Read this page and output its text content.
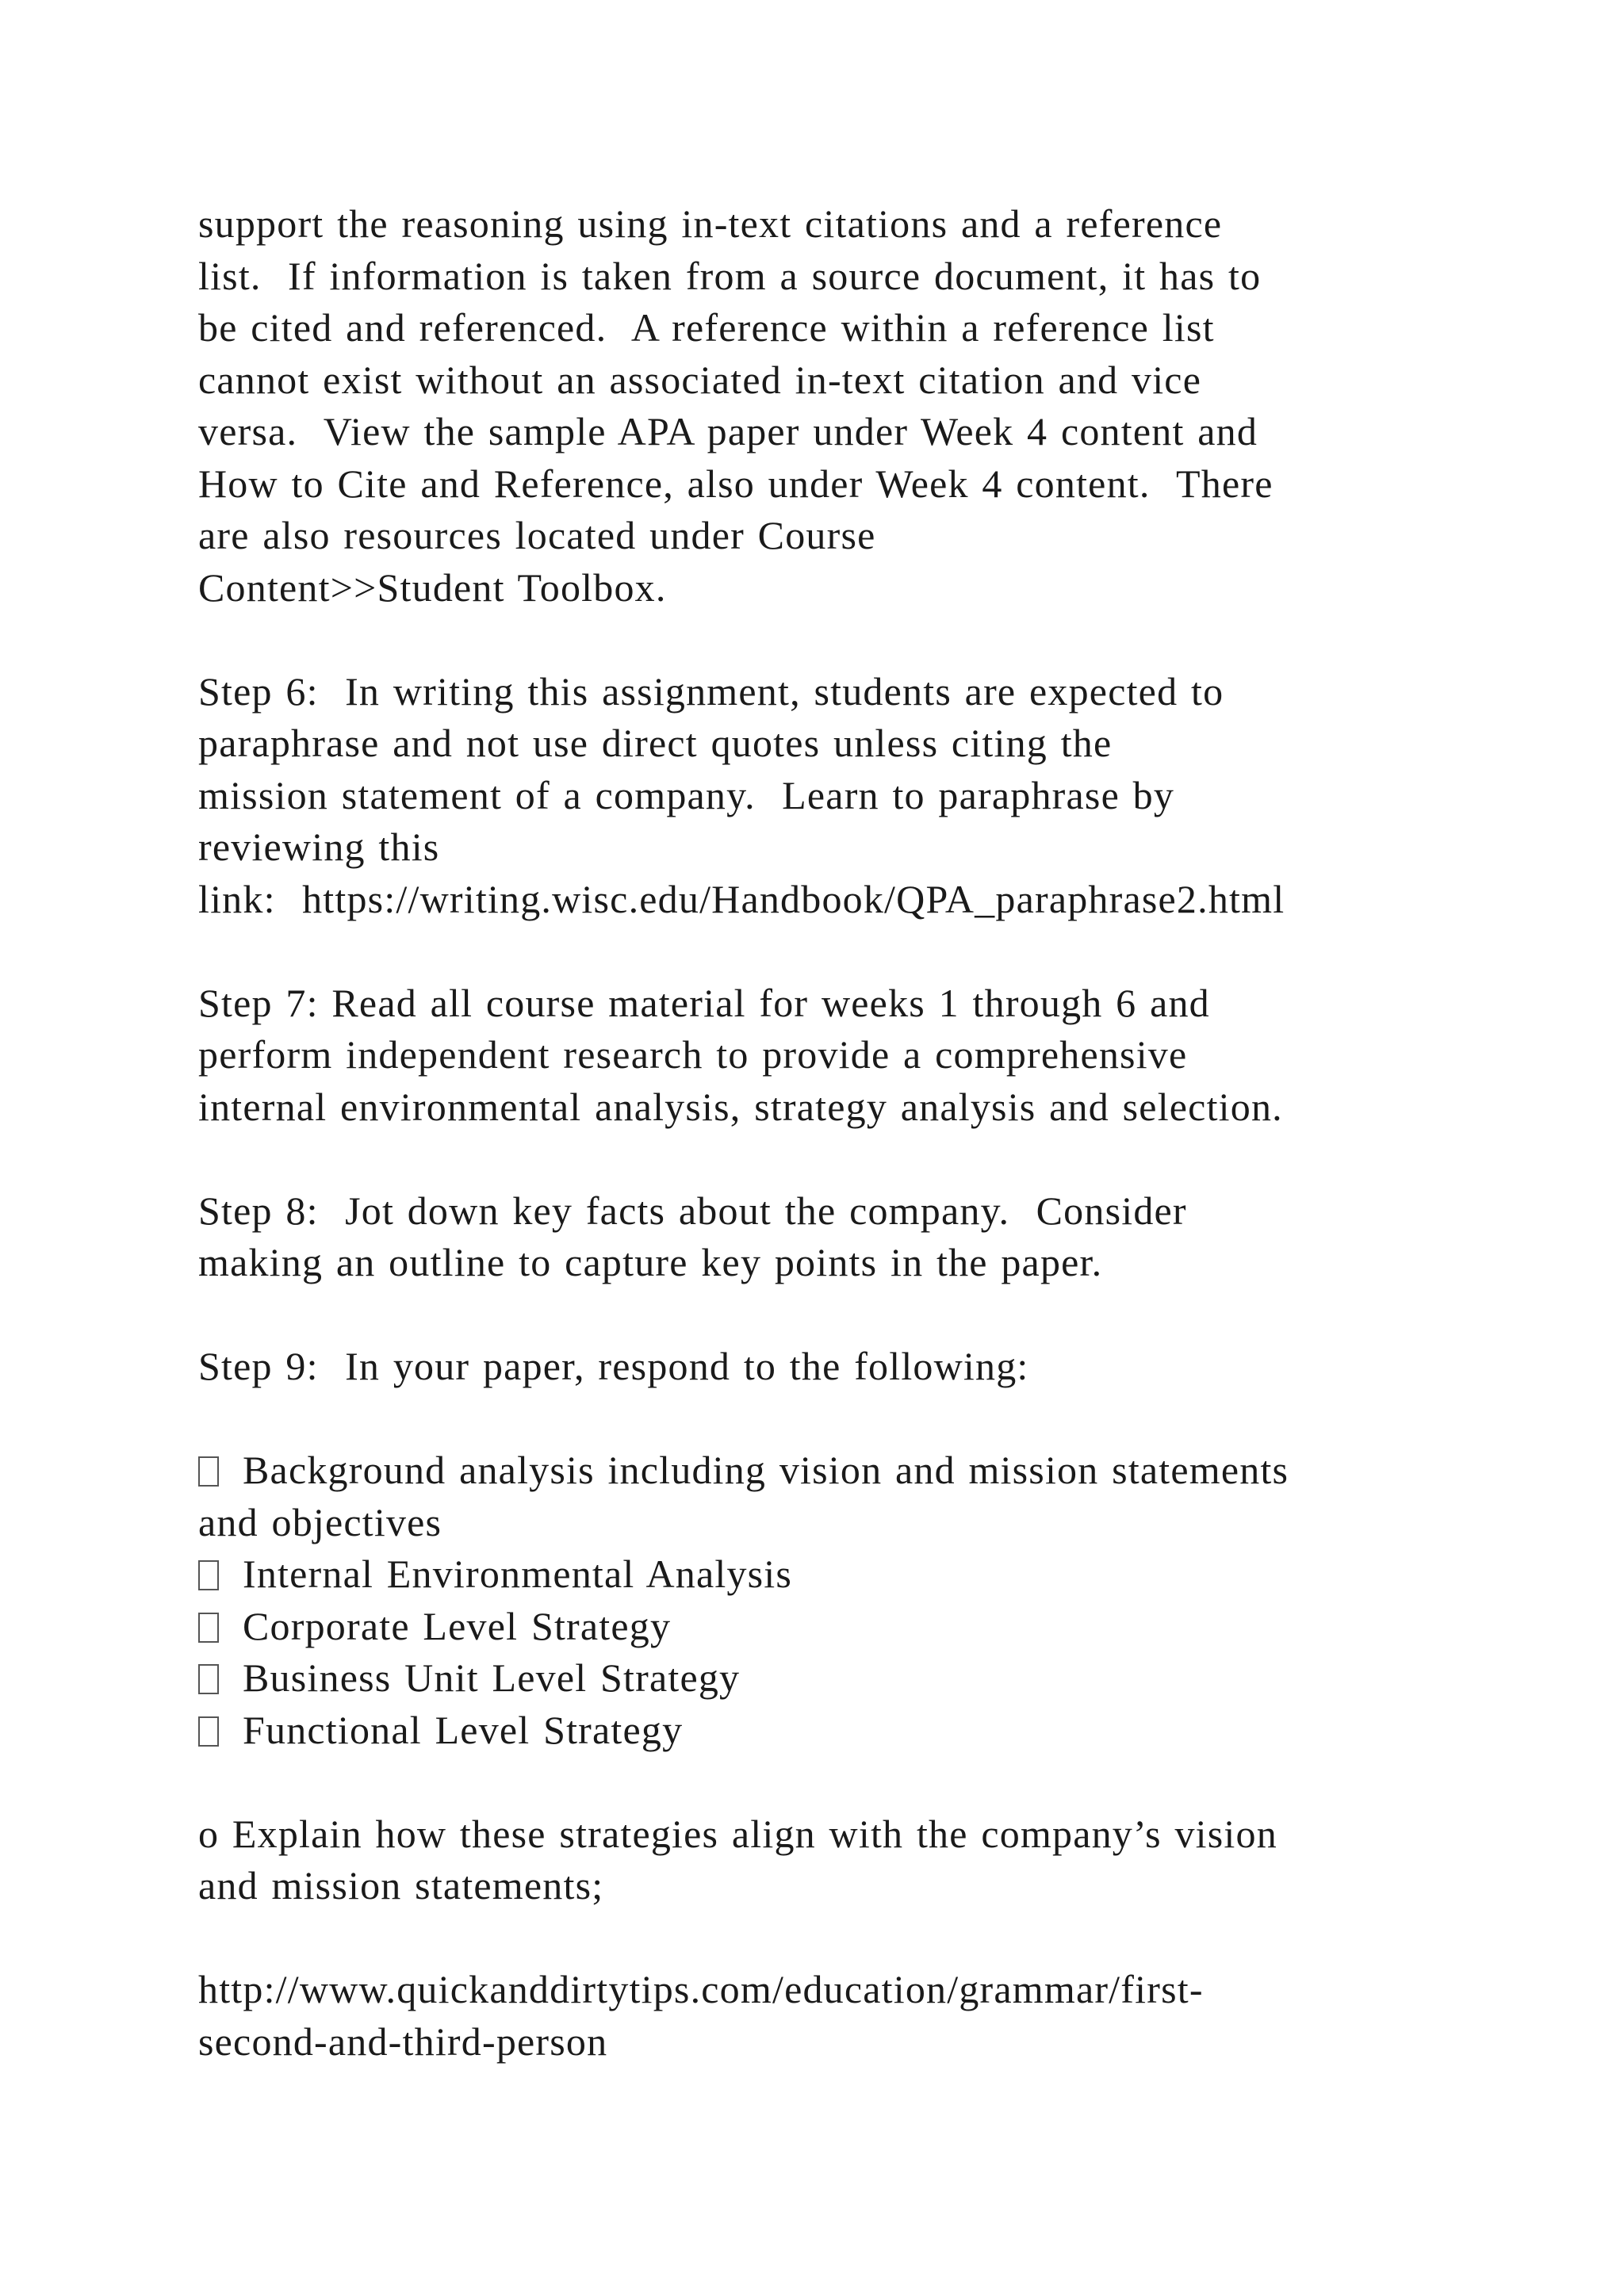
support the reasoning using in-text citations and a reference
list.  If information is taken from a source document, it has to
be cited and referenced.  A reference within a reference list
cannot exist without an associated in-text citation and vice
versa.  View the sample APA paper under Week 4 content and
How to Cite and Reference, also under Week 4 content.  There
are also resources located under Course
Content>>Student Toolbox.
Step 6:  In writing this assignment, students are expected to
paraphrase and not use direct quotes unless citing the
mission statement of a company.  Learn to paraphrase by
reviewing this
link:  https://writing.wisc.edu/Handbook/QPA_paraphrase2.html
Step 7: Read all course material for weeks 1 through 6 and
perform independent research to provide a comprehensive
internal environmental analysis, strategy analysis and selection.
Step 8:  Jot down key facts about the company.  Consider
making an outline to capture key points in the paper.
Step 9:  In your paper, respond to the following:
Background analysis including vision and mission statements
and objectives
Internal Environmental Analysis
Corporate Level Strategy
Business Unit Level Strategy
Functional Level Strategy
o Explain how these strategies align with the company’s vision
and mission statements;
http://www.quickanddirtytips.com/education/grammar/first-
second-and-third-person
